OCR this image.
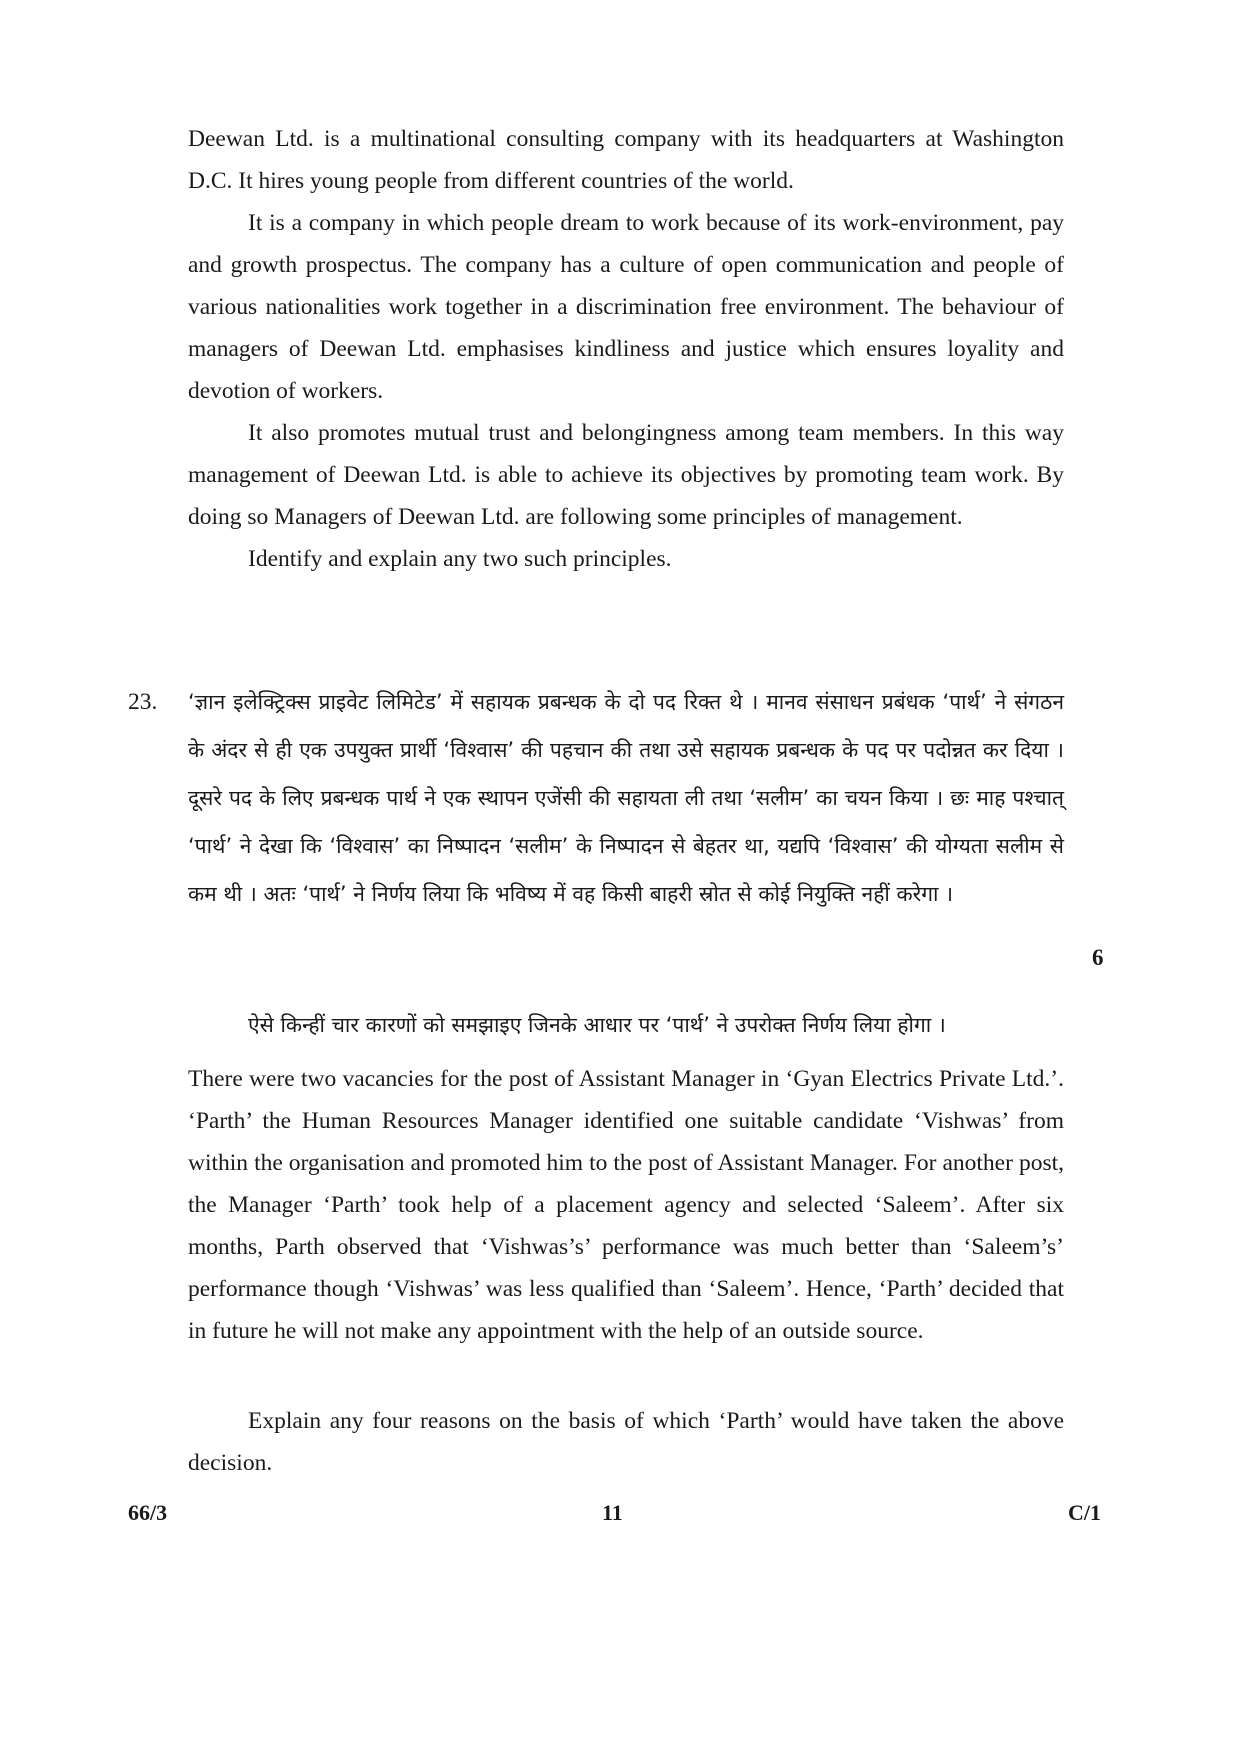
Deewan Ltd. is a multinational consulting company with its headquarters at Washington D.C. It hires young people from different countries of the world.

It is a company in which people dream to work because of its work-environment, pay and growth prospectus. The company has a culture of open communication and people of various nationalities work together in a discrimination free environment. The behaviour of managers of Deewan Ltd. emphasises kindliness and justice which ensures loyality and devotion of workers.

It also promotes mutual trust and belongingness among team members. In this way management of Deewan Ltd. is able to achieve its objectives by promoting team work. By doing so Managers of Deewan Ltd. are following some principles of management.

Identify and explain any two such principles.

23. ‘ज्ञान इलेक्ट्रिक्स प्राइवेट लिमिटेड’ में सहायक प्रबन्धक के दो पद रिक्त थे । मानव संसाधन प्रबंधक ‘पार्थ’ ने संगठन के अंदर से ही एक उपयुक्त प्रार्थी ‘विश्वास’ की पहचान की तथा उसे सहायक प्रबन्धक के पद पर पदोन्नत कर दिया । दूसरे पद के लिए प्रबन्धक पार्थ ने एक स्थापन एजेंसी की सहायता ली तथा ‘सलीम’ का चयन किया । छः माह पश्चात् ‘पार्थ’ ने देखा कि ‘विश्वास’ का निष्पादन ‘सलीम’ के निष्पादन से बेहतर था, यद्यपि ‘विश्वास’ की योग्यता सलीम से कम थी । अतः ‘पार्थ’ ने निर्णय लिया कि भविष्य में वह किसी बाहरी स्रोत से कोई नियुक्ति नहीं करेगा ।

6

ऐसे किन्हीं चार कारणों को समझाइए जिनके आधार पर ‘पार्थ’ ने उपरोक्त निर्णय लिया होगा ।

There were two vacancies for the post of Assistant Manager in ‘Gyan Electrics Private Ltd.’. ‘Parth’ the Human Resources Manager identified one suitable candidate ‘Vishwas’ from within the organisation and promoted him to the post of Assistant Manager. For another post, the Manager ‘Parth’ took help of a placement agency and selected ‘Saleem’. After six months, Parth observed that ‘Vishwas’s’ performance was much better than ‘Saleem’s’ performance though ‘Vishwas’ was less qualified than ‘Saleem’. Hence, ‘Parth’ decided that in future he will not make any appointment with the help of an outside source.

Explain any four reasons on the basis of which ‘Parth’ would have taken the above decision.

66/3	11	C/1
